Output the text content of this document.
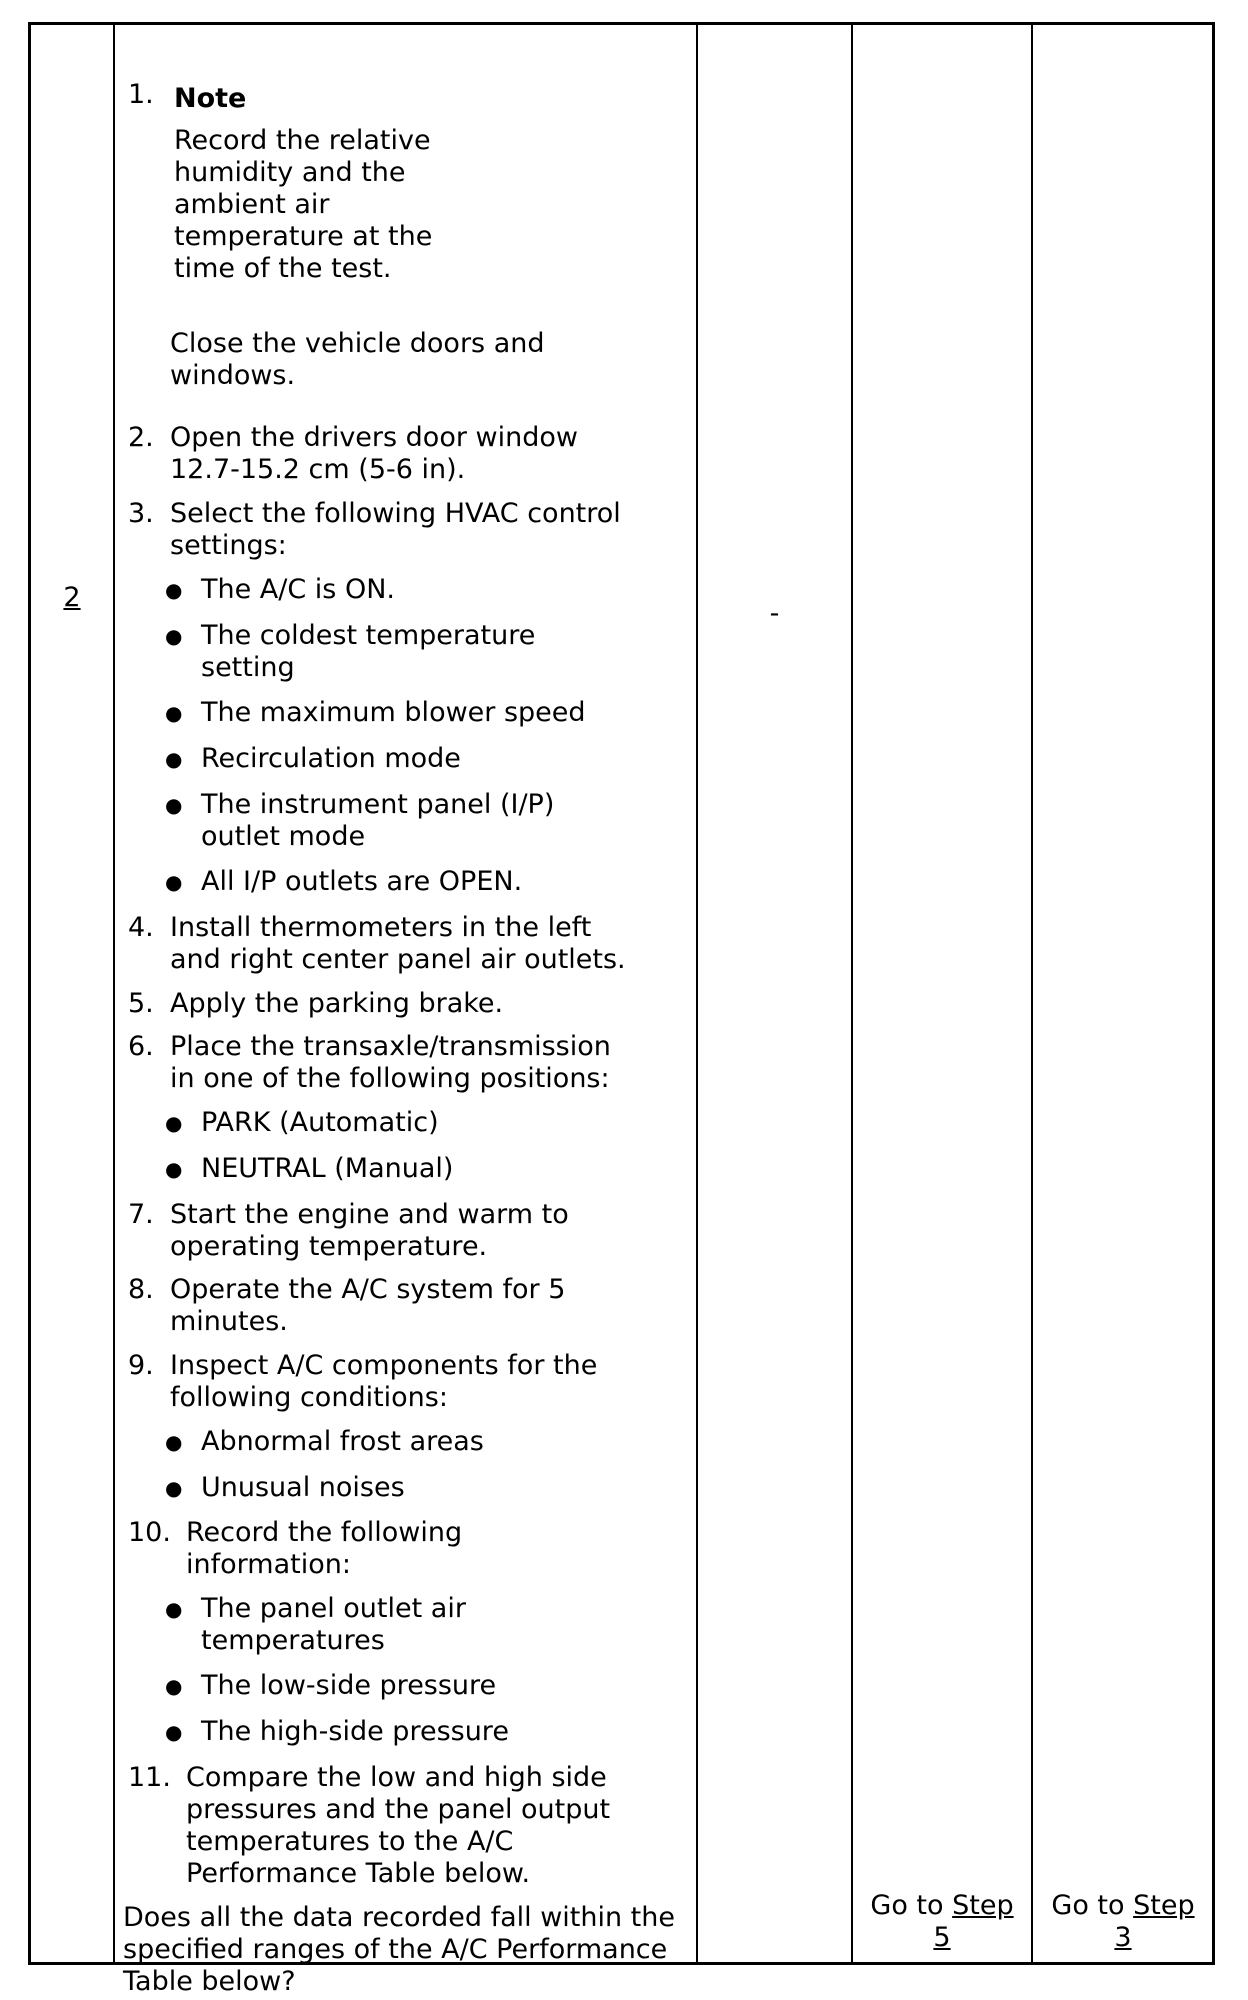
2
1. Note
Record the relative
humidity and the
ambient air
temperature at the
time of the test.
Close the vehicle doors and
windows.
2. Open the drivers door window
12.7-15.2 cm (5-6 in).
3. Select the following HVAC control
settings:
● The A/C is ON.
● The coldest temperature
setting
● The maximum blower speed
● Recirculation mode
● The instrument panel (I/P)
outlet mode
● All I/P outlets are OPEN.
4. Install thermometers in the left
and right center panel air outlets.
5. Apply the parking brake.
6. Place the transaxle/transmission
in one of the following positions:
● PARK (Automatic)
● NEUTRAL (Manual)
7. Start the engine and warm to
operating temperature.
8. Operate the A/C system for 5
minutes.
9. Inspect A/C components for the
following conditions:
● Abnormal frost areas
● Unusual noises
10. Record the following
information:
● The panel outlet air
temperatures
● The low-side pressure
● The high-side pressure
11. Compare the low and high side
pressures and the panel output
temperatures to the A/C
Performance Table below.
Does all the data recorded fall within the
specified ranges of the A/C Performance
Table below?
-
Go to Step
5
Go to Step
3
